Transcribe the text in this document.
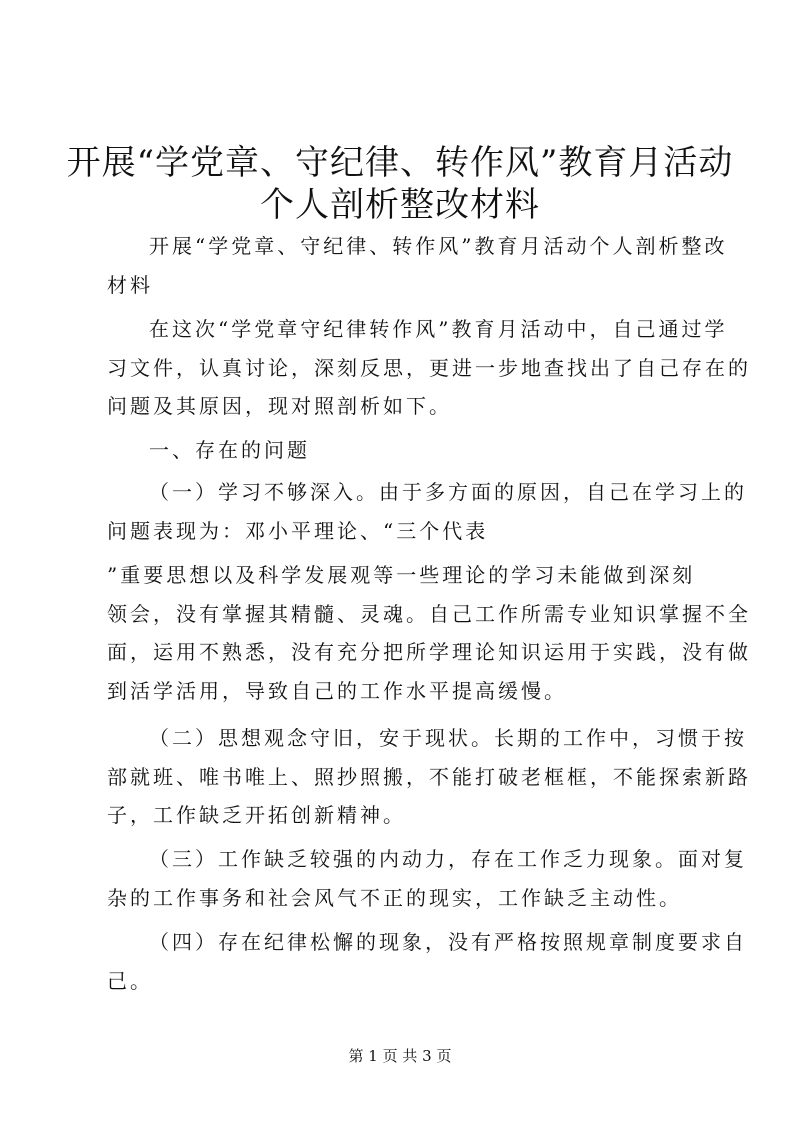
开展“学党章、守纪律、转作风”教育月活动
个人剖析整改材料

开展“学党章、守纪律、转作风”教育月活动个人剖析整改
材料

在这次“学党章守纪律转作风”教育月活动中，自己通过学
习文件，认真讨论，深刻反思，更进一步地查找出了自己存在的
问题及其原因，现对照剖析如下。

一、存在的问题

（一）学习不够深入。由于多方面的原因，自己在学习上的
问题表现为：邓小平理论、“三个代表

”重要思想以及科学发展观等一些理论的学习未能做到深刻
领会，没有掌握其精髓、灵魂。自己工作所需专业知识掌握不全
面，运用不熟悉，没有充分把所学理论知识运用于实践，没有做
到活学活用，导致自己的工作水平提高缓慢。

（二）思想观念守旧，安于现状。长期的工作中，习惯于按
部就班、唯书唯上、照抄照搬，不能打破老框框，不能探索新路
子，工作缺乏开拓创新精神。

（三）工作缺乏较强的内动力，存在工作乏力现象。面对复
杂的工作事务和社会风气不正的现实，工作缺乏主动性。

（四）存在纪律松懈的现象，没有严格按照规章制度要求自
己。

第 1 页 共 3 页
